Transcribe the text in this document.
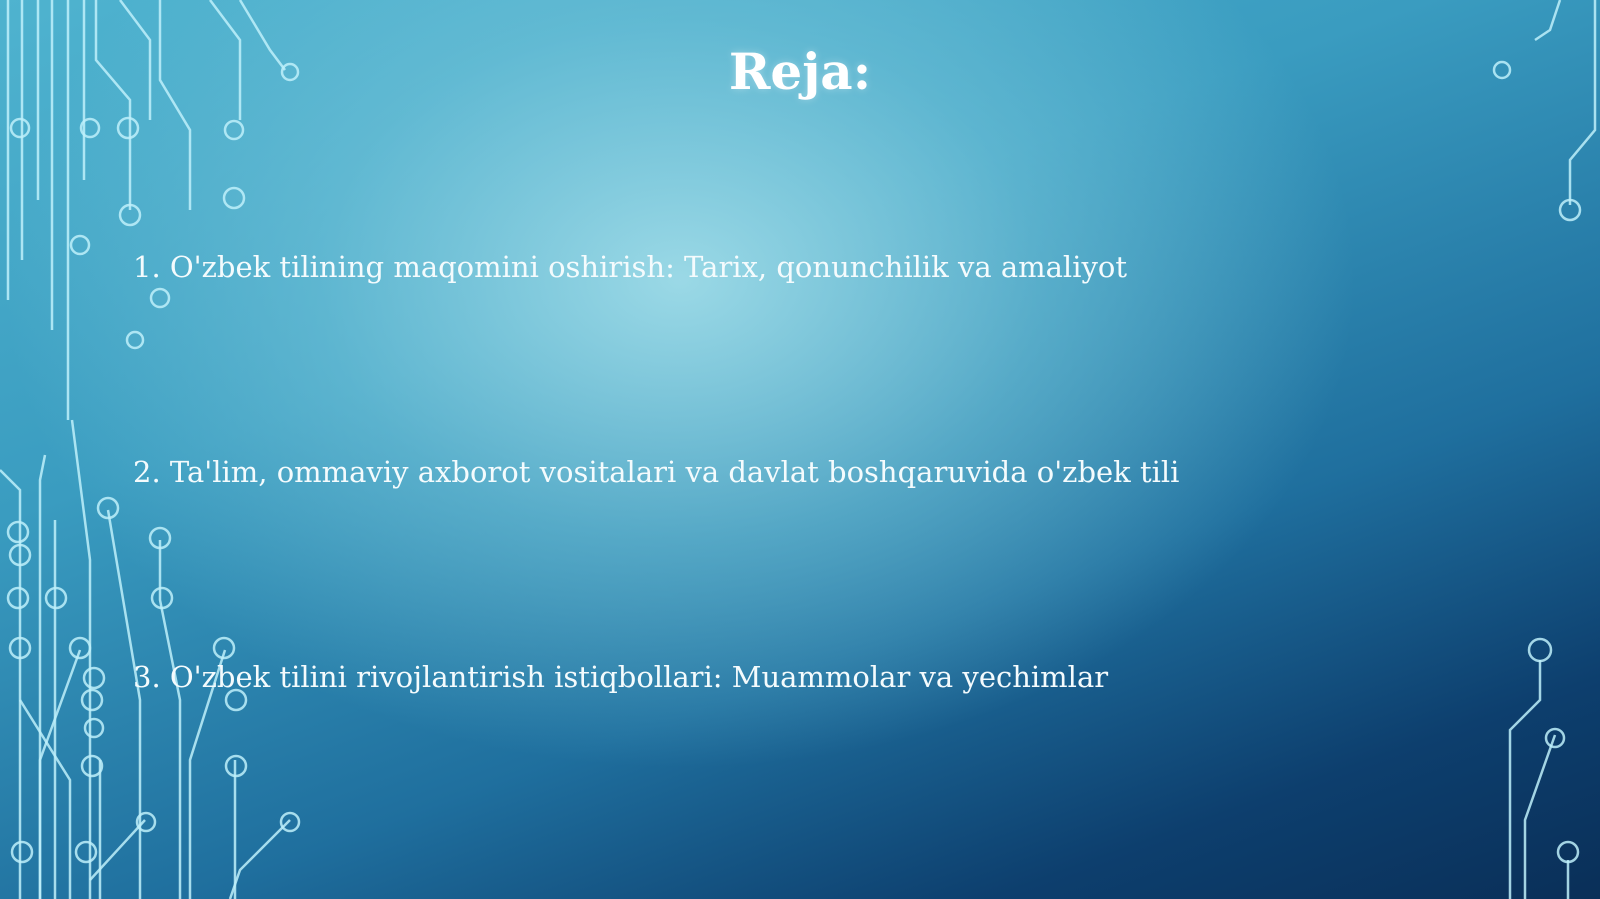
Reja:

1. O'zbek tilining maqomini oshirish: Tarix, qonunchilik va amaliyot

2. Ta'lim, ommaviy axborot vositalari va davlat boshqaruvida o'zbek tili

3. O'zbek tilini rivojlantirish istiqbollari: Muammolar va yechimlar
